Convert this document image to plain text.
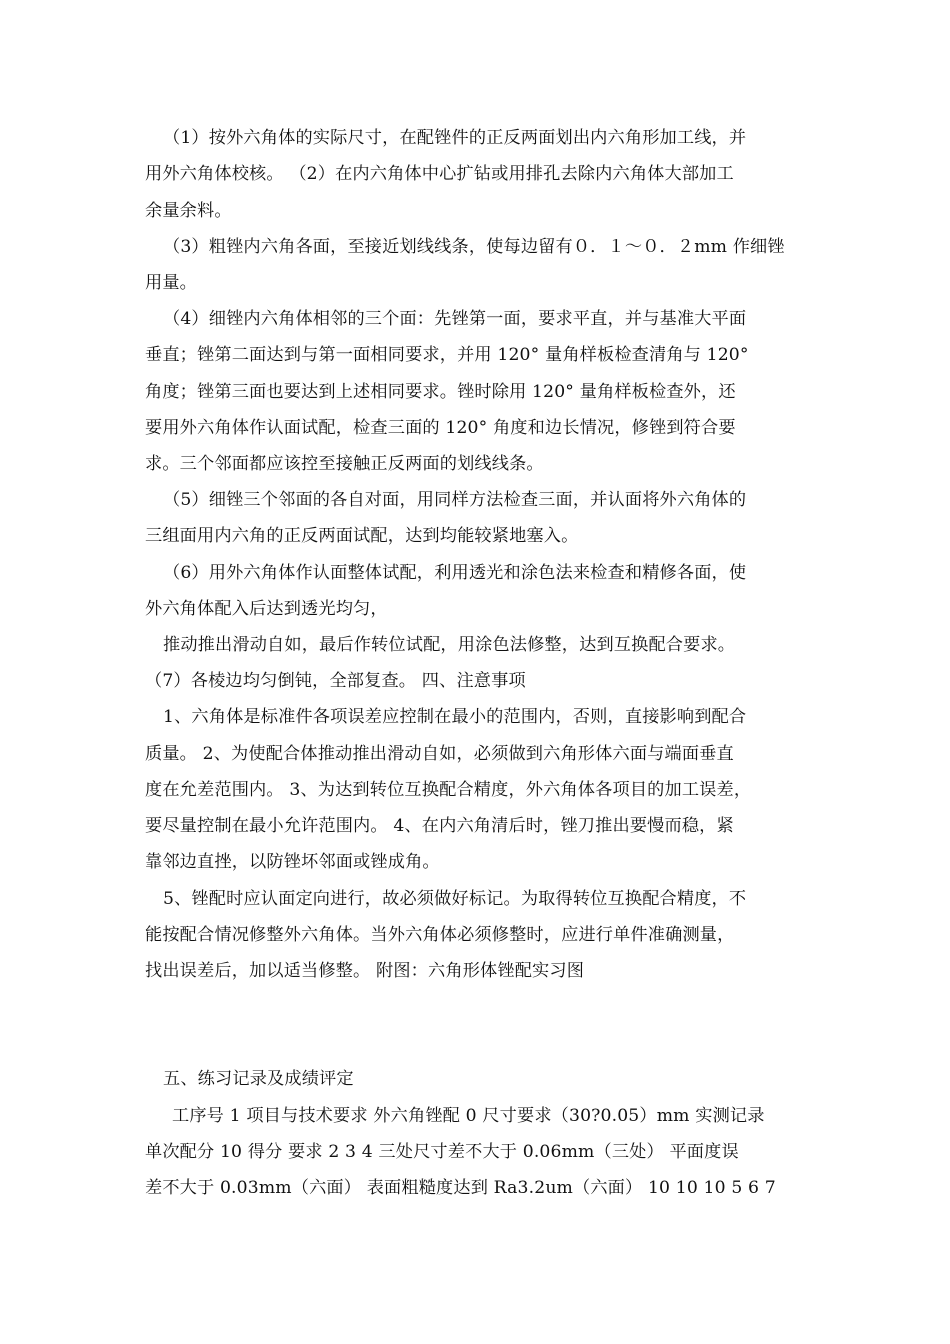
（1）按外六角体的实际尺寸，在配锉件的正反两面划出内六角形加工线，并
用外六角体校核。 （2）在内六角体中心扩钻或用排孔去除内六角体大部加工
余量余料。
（3）粗锉内六角各面，至接近划线线条，使每边留有０．１～０．２mm 作细锉
用量。
（4）细锉内六角体相邻的三个面：先锉第一面，要求平直，并与基准大平面
垂直；锉第二面达到与第一面相同要求，并用 120° 量角样板检查清角与 120°
角度；锉第三面也要达到上述相同要求。锉时除用 120° 量角样板检查外，还
要用外六角体作认面试配，检查三面的 120° 角度和边长情况，修锉到符合要
求。三个邻面都应该控至接触正反两面的划线线条。
（5）细锉三个邻面的各自对面，用同样方法检查三面，并认面将外六角体的
三组面用内六角的正反两面试配，达到均能较紧地塞入。
（6）用外六角体作认面整体试配，利用透光和涂色法来检查和精修各面，使
外六角体配入后达到透光均匀，
推动推出滑动自如，最后作转位试配，用涂色法修整，达到互换配合要求。
（7）各棱边均匀倒钝，全部复查。 四、注意事项
1、六角体是标准件各项误差应控制在最小的范围内，否则，直接影响到配合
质量。 2、为使配合体推动推出滑动自如，必须做到六角形体六面与端面垂直
度在允差范围内。 3、为达到转位互换配合精度，外六角体各项目的加工误差，
要尽量控制在最小允许范围内。 4、在内六角清后时，锉刀推出要慢而稳，紧
靠邻边直挫，以防锉坏邻面或锉成角。
5、锉配时应认面定向进行，故必须做好标记。为取得转位互换配合精度，不
能按配合情况修整外六角体。当外六角体必须修整时，应进行单件准确测量，
找出误差后，加以适当修整。 附图：六角形体锉配实习图
五、练习记录及成绩评定
工序号 1 项目与技术要求 外六角锉配 0 尺寸要求（30?0.05）mm 实测记录
单次配分 10 得分 要求 2 3 4 三处尺寸差不大于 0.06mm（三处） 平面度误
差不大于 0.03mm（六面） 表面粗糙度达到 Ra3.2um（六面） 10 10 10 5 6 7
